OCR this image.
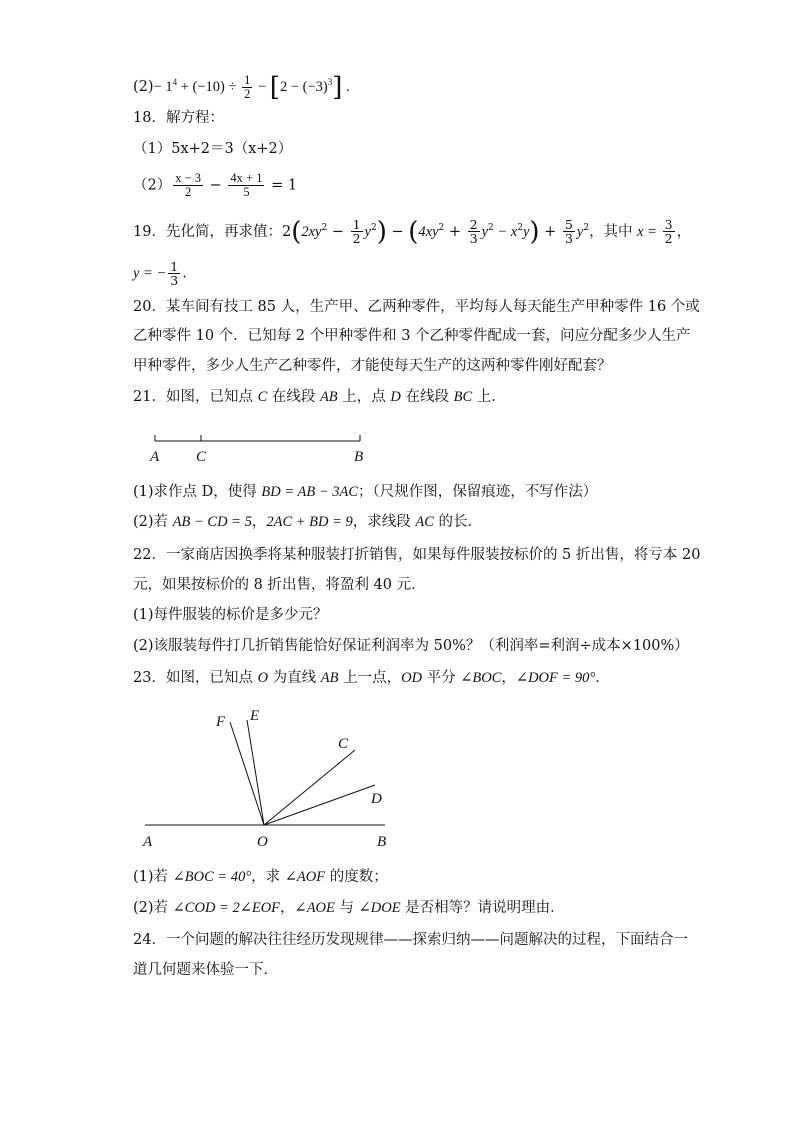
$(2)- 1^4 + (-10) \div \frac{1}{2} - [2 - (-3)^3]$ .
18．解方程：
（1）5x+2＝3（x+2）
$(2) \frac{x - 3}{2} - \frac{4x + 1}{5} = 1$
19．先化简，再求值：$2(2xy^2 - \frac{1}{2} y^2) - (4xy^2 + \frac{2}{3} y^2 - x^2y) + \frac{5}{3} y^2$，其中 $x = \frac{3}{2}$ ，
y = − $\frac{1}{3}$ .
20．某车间有技工 85 人，生产甲、乙两种零件，平均每人每天能生产甲种零件 16 个或
乙种零件 10 个．已知每 2 个甲种零件和 3 个乙种零件配成一套，问应分配多少人生产
甲种零件，多少人生产乙种零件，才能使每天生产的这两种零件刚好配套？
21．如图，已知点 C 在线段 AB 上，点 D 在线段 BC 上．
A C	B
(1)求作点 D，使得 BD = AB − 3AC；（尺规作图，保留痕迹，不写作法）
(2)若 AB − CD = 5，2AC + BD = 9，求线段 AC 的长．
22．一家商店因换季将某种服装打折销售，如果每件服装按标价的 5 折出售，将亏本 20
元，如果按标价的 8 折出售，将盈利 40 元．
(1)每件服装的标价是多少元？
(2)该服装每件打几折销售能恰好保证利润率为 50%？（利润率=利润÷成本×100%）
23．如图，已知点 O 为直线 AB 上一点，OD 平分 ∠BOC，∠DOF = 90°．
F E
C
D
A	O	B
(1)若 ∠BOC = 40°，求 ∠AOF 的度数；
(2)若 ∠COD = 2∠EOF，∠AOE 与 ∠DOE 是否相等？请说明理由．
24．一个问题的解决往往经历发现规律——探索归纳——问题解决的过程，下面结合一
道几何题来体验一下．
